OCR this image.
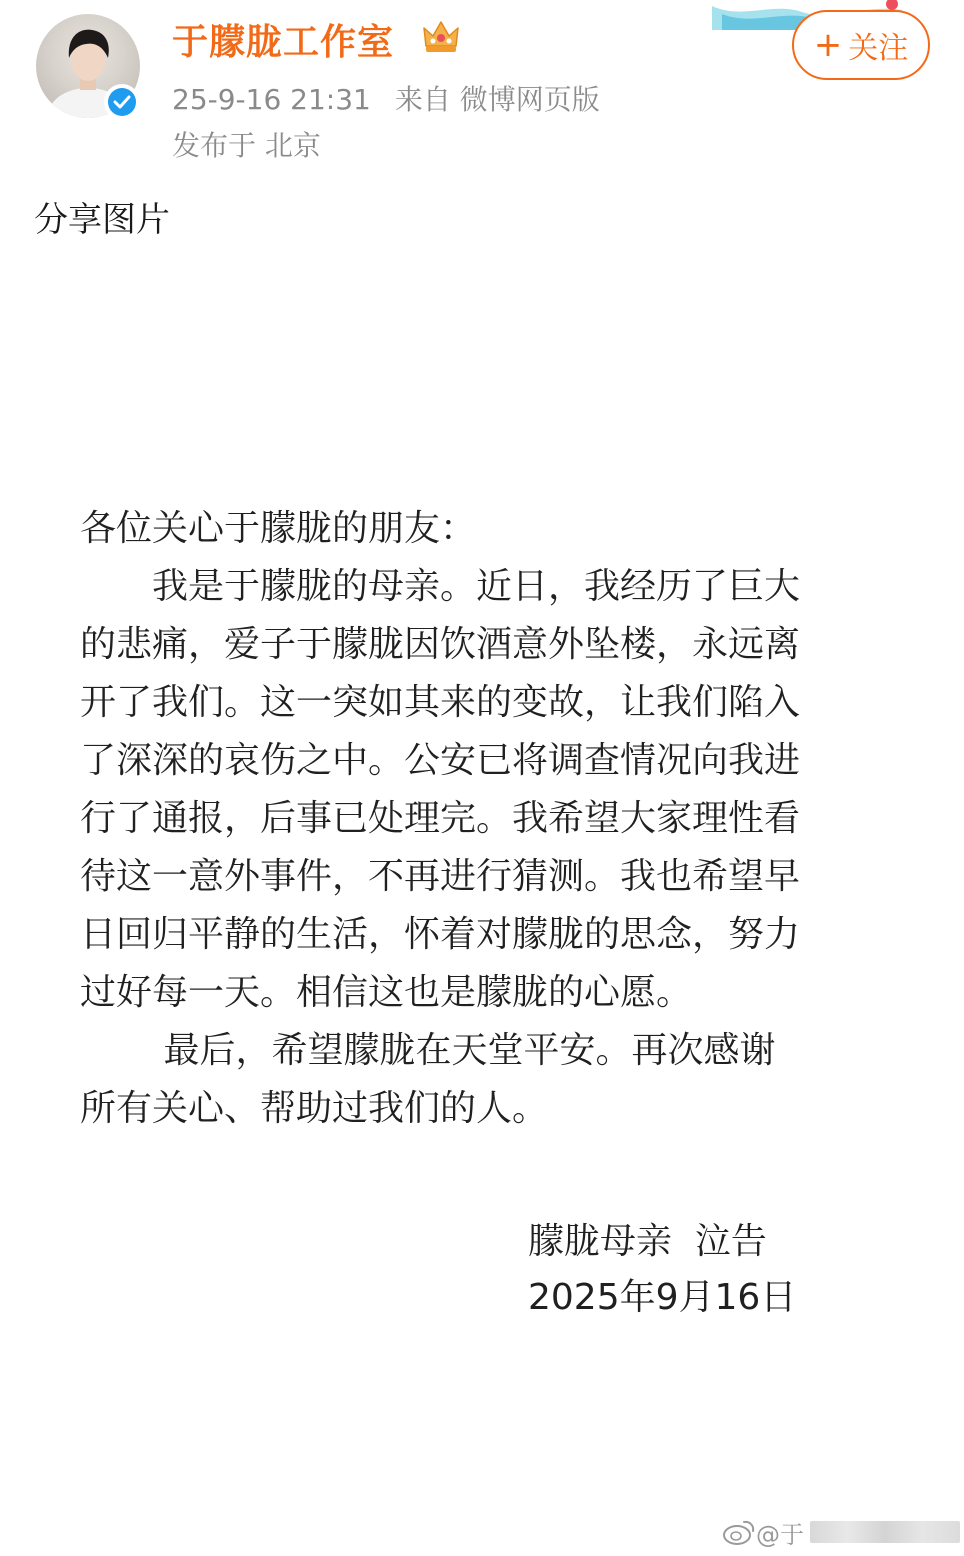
于朦胧工作室
25-9-16 21:31 来自 微博网页版
发布于 北京
+ 关注
分享图片
各位关心于朦胧的朋友：
　　我是于朦胧的母亲。近日，我经历了巨大
的悲痛，爱子于朦胧因饮酒意外坠楼，永远离
开了我们。这一突如其来的变故，让我们陷入
了深深的哀伤之中。公安已将调查情况向我进
行了通报，后事已处理完。我希望大家理性看
待这一意外事件，不再进行猜测。我也希望早
日回归平静的生活，怀着对朦胧的思念，努力
过好每一天。相信这也是朦胧的心愿。
　　 最后，希望朦胧在天堂平安。再次感谢
所有关心、帮助过我们的人。
朦胧母亲  泣告
2025年9月16日
@于
